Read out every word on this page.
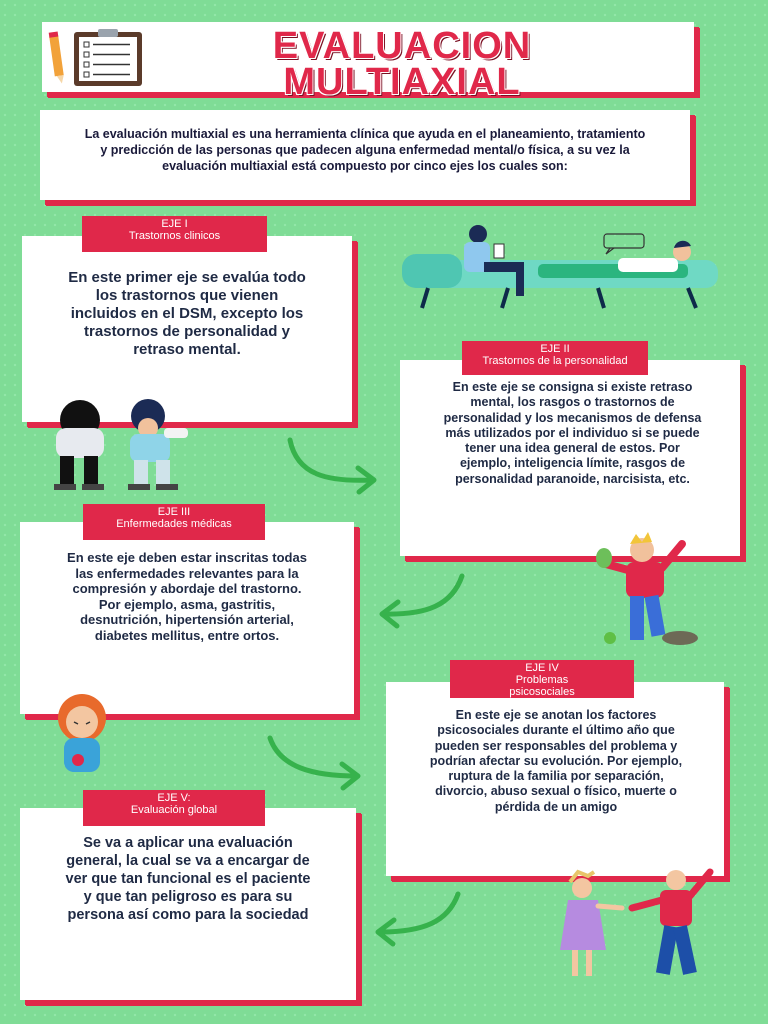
EVALUACION
MULTIAXIAL
La evaluación multiaxial es una herramienta clínica que ayuda en el planeamiento, tratamiento y predicción de las personas que padecen alguna enfermedad mental/o física, a su vez la evaluación multiaxial está compuesto por cinco ejes los cuales son:
En este primer eje se evalúa todo los trastornos que vienen incluidos en el DSM, excepto los trastornos de personalidad y retraso mental.
EJE I
Trastornos clinicos
En este eje se consigna si existe retraso mental, los rasgos o trastornos de personalidad y los mecanismos de defensa más utilizados por el individuo si se puede tener una idea general de estos. Por ejemplo, inteligencia límite, rasgos de personalidad paranoide, narcisista, etc.
EJE II
Trastornos de la personalidad
En este eje deben estar inscritas todas las enfermedades relevantes para la compresión y abordaje del trastorno. Por ejemplo, asma, gastritis, desnutrición, hipertensión arterial, diabetes mellitus, entre ortos.
EJE III
Enfermedades médicas
En este eje se anotan los factores psicosociales durante el último año que pueden ser responsables del problema y podrían afectar su evolución. Por ejemplo, ruptura de la familia por separación, divorcio, abuso sexual o físico, muerte o pérdida de un amigo
EJE IV
Problemas psicosociales
Se va a aplicar una evaluación general, la cual se va a encargar de ver que tan funcional es el paciente y que tan peligroso es para su persona así como para la sociedad
EJE V:
Evaluación global
